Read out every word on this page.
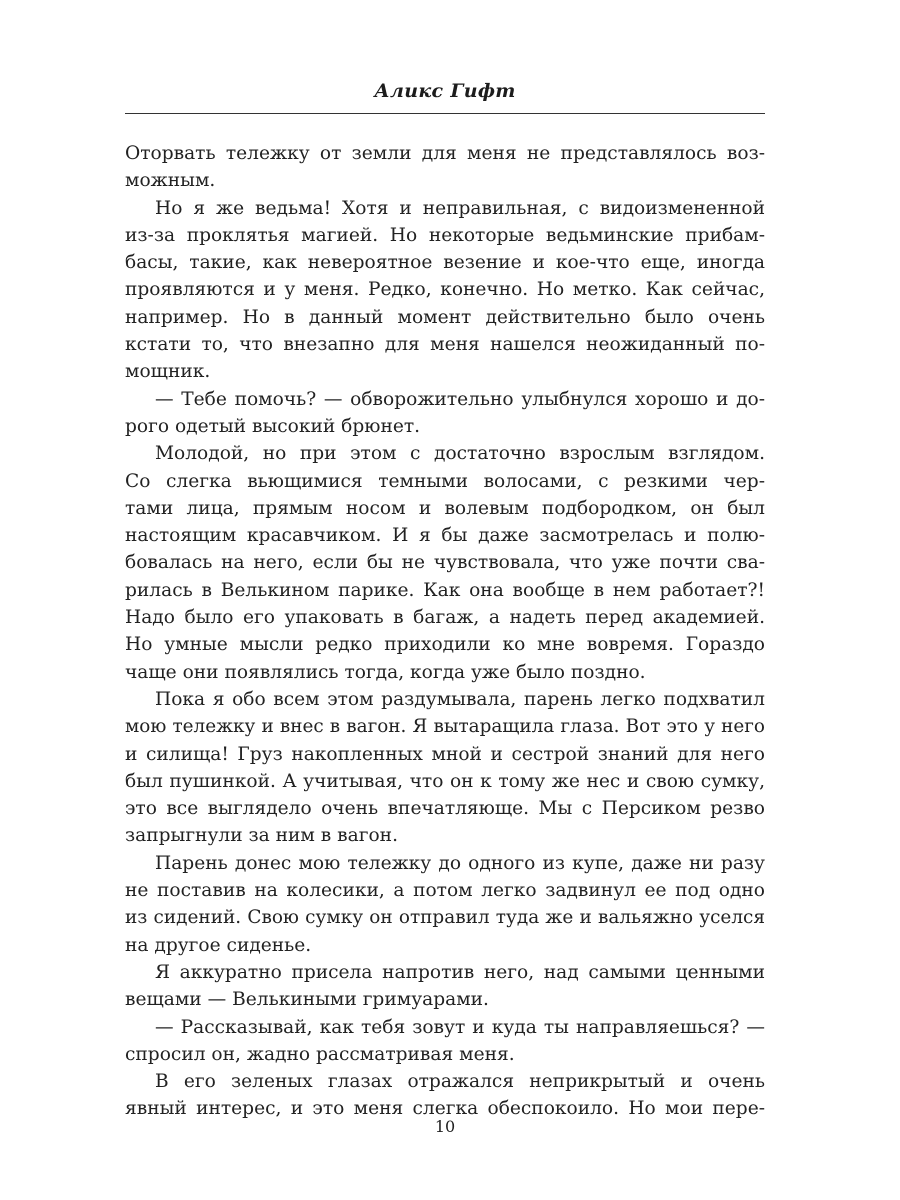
Аликс Гифт
Оторвать тележку от земли для меня не представлялось воз-
можным.
Но я же ведьма! Хотя и неправильная, с видоизмененной
из-за проклятья магией. Но некоторые ведьминские прибам-
басы, такие, как невероятное везение и кое-что еще, иногда
проявляются и у меня. Редко, конечно. Но метко. Как сейчас,
например. Но в данный момент действительно было очень
кстати то, что внезапно для меня нашелся неожиданный по-
мощник.
— Тебе помочь? — обворожительно улыбнулся хорошо и до-
рого одетый высокий брюнет.
Молодой, но при этом с достаточно взрослым взглядом.
Со слегка вьющимися темными волосами, с резкими чер-
тами лица, прямым носом и волевым подбородком, он был
настоящим красавчиком. И я бы даже засмотрелась и полю-
бовалась на него, если бы не чувствовала, что уже почти сва-
рилась в Велькином парике. Как она вообще в нем работает?!
Надо было его упаковать в багаж, а надеть перед академией.
Но умные мысли редко приходили ко мне вовремя. Гораздо
чаще они появлялись тогда, когда уже было поздно.
Пока я обо всем этом раздумывала, парень легко подхватил
мою тележку и внес в вагон. Я вытаращила глаза. Вот это у него
и силища! Груз накопленных мной и сестрой знаний для него
был пушинкой. А учитывая, что он к тому же нес и свою сумку,
это все выглядело очень впечатляюще. Мы с Персиком резво
запрыгнули за ним в вагон.
Парень донес мою тележку до одного из купе, даже ни разу
не поставив на колесики, а потом легко задвинул ее под одно
из сидений. Свою сумку он отправил туда же и вальяжно уселся
на другое сиденье.
Я аккуратно присела напротив него, над самыми ценными
вещами — Велькиными гримуарами.
— Рассказывай, как тебя зовут и куда ты направляешься? —
спросил он, жадно рассматривая меня.
В его зеленых глазах отражался неприкрытый и очень
явный интерес, и это меня слегка обеспокоило. Но мои пере-
10
